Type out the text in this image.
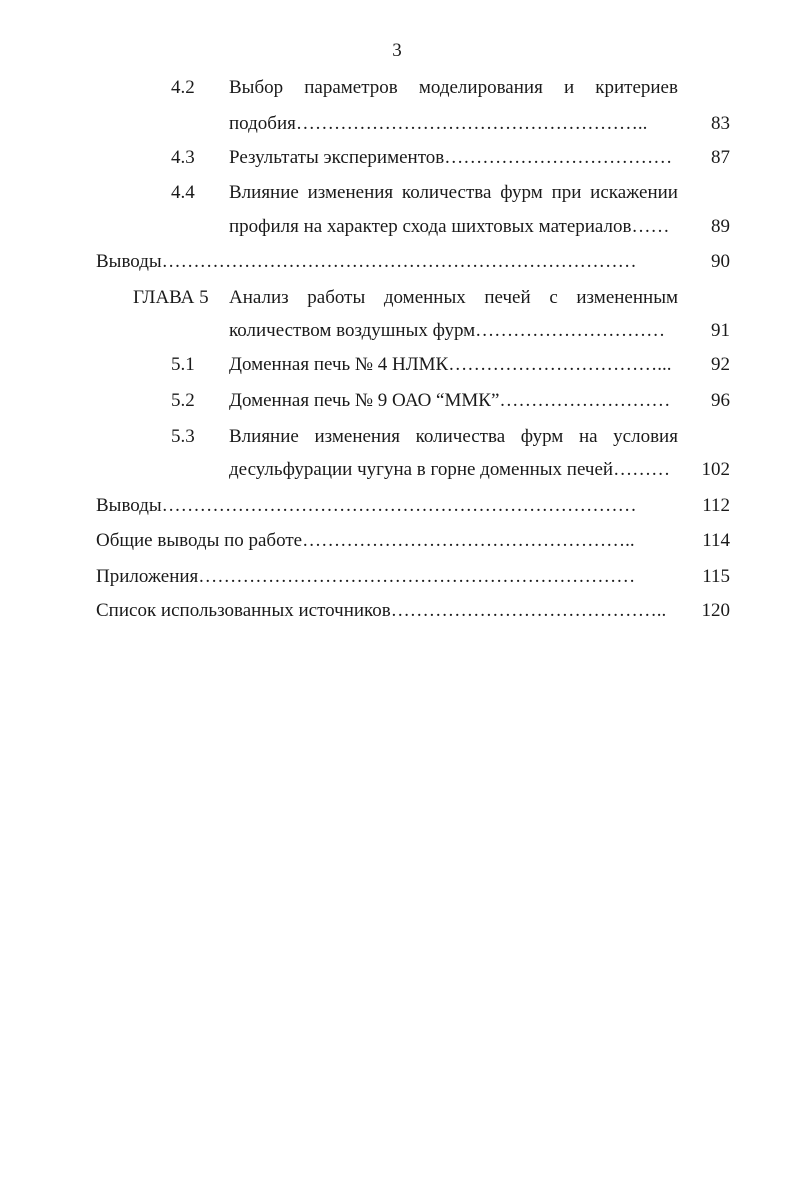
3
4.2 Выбор параметров моделирования и критериев
подобия………………………………………………..	83
4.3 Результаты экспериментов………………………………	87
4.4 Влияние изменения количества фурм при искажении
профиля на характер схода шихтовых материалов……	89
Выводы…………………………………………………………………	90
ГЛАВА 5 Анализ работы доменных печей с измененным
количеством воздушных фурм…………………………	91
5.1 Доменная печь № 4 НЛМК……………………………...	92
5.2 Доменная печь № 9 ОАО “ММК”………………………	96
5.3 Влияние изменения количества фурм на условия
десульфурации чугуна в горне доменных печей………	102
Выводы…………………………………………………………………	112
Общие выводы по работе……………………………………………..	114
Приложения……………………………………………………………	115
Список использованных источников……………………………………..	120
